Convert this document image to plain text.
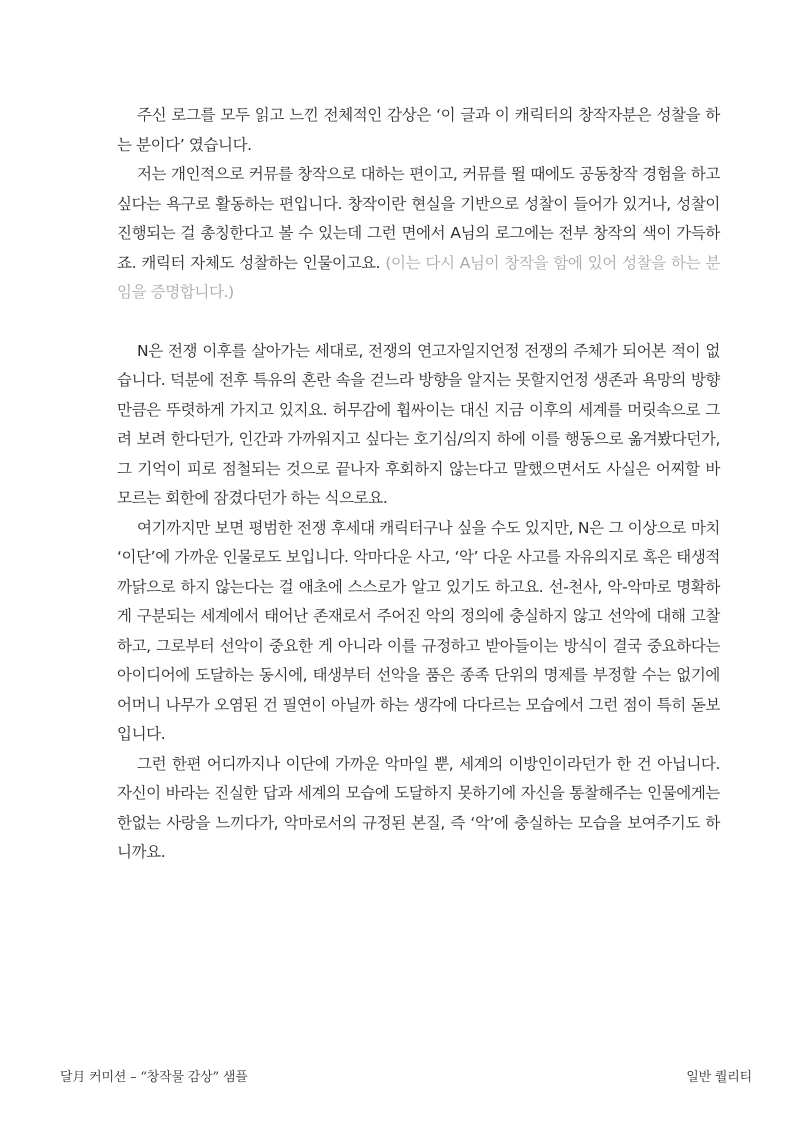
주신 로그를 모두 읽고 느낀 전체적인 감상은 ‘이 글과 이 캐릭터의 창작자분은 성찰을 하는 분이다’ 였습니다.

저는 개인적으로 커뮤를 창작으로 대하는 편이고, 커뮤를 뛸 때에도 공동창작 경험을 하고 싶다는 욕구로 활동하는 편입니다. 창작이란 현실을 기반으로 성찰이 들어가 있거나, 성찰이 진행되는 걸 총칭한다고 볼 수 있는데 그런 면에서 A님의 로그에는 전부 창작의 색이 가득하죠. 캐릭터 자체도 성찰하는 인물이고요. (이는 다시 A님이 창작을 함에 있어 성찰을 하는 분임을 증명합니다.)

N은 전쟁 이후를 살아가는 세대로, 전쟁의 연고자일지언정 전쟁의 주체가 되어본 적이 없습니다. 덕분에 전후 특유의 혼란 속을 걷느라 방향을 알지는 못할지언정 생존과 욕망의 방향만큼은 뚜렷하게 가지고 있지요. 허무감에 휩싸이는 대신 지금 이후의 세계를 머릿속으로 그려 보려 한다던가, 인간과 가까워지고 싶다는 호기심/의지 하에 이를 행동으로 옮겨봤다던가, 그 기억이 피로 점철되는 것으로 끝나자 후회하지 않는다고 말했으면서도 사실은 어찌할 바 모르는 회한에 잠겼다던가 하는 식으로요.

여기까지만 보면 평범한 전쟁 후세대 캐릭터구나 싶을 수도 있지만, N은 그 이상으로 마치 ‘이단’에 가까운 인물로도 보입니다. 악마다운 사고, ‘악’ 다운 사고를 자유의지로 혹은 태생적 까닭으로 하지 않는다는 걸 애초에 스스로가 알고 있기도 하고요. 선-천사, 악-악마로 명확하게 구분되는 세계에서 태어난 존재로서 주어진 악의 정의에 충실하지 않고 선악에 대해 고찰하고, 그로부터 선악이 중요한 게 아니라 이를 규정하고 받아들이는 방식이 결국 중요하다는 아이디어에 도달하는 동시에, 태생부터 선악을 품은 종족 단위의 명제를 부정할 수는 없기에 어머니 나무가 오염된 건 필연이 아닐까 하는 생각에 다다르는 모습에서 그런 점이 특히 돋보입니다.

그런 한편 어디까지나 이단에 가까운 악마일 뿐, 세계의 이방인이라던가 한 건 아닙니다. 자신이 바라는 진실한 답과 세계의 모습에 도달하지 못하기에 자신을 통찰해주는 인물에게는 한없는 사랑을 느끼다가, 악마로서의 규정된 본질, 즉 ‘악’에 충실하는 모습을 보여주기도 하니까요.

달月 커미션 – “창작물 감상” 샘플	일반 퀄리티
